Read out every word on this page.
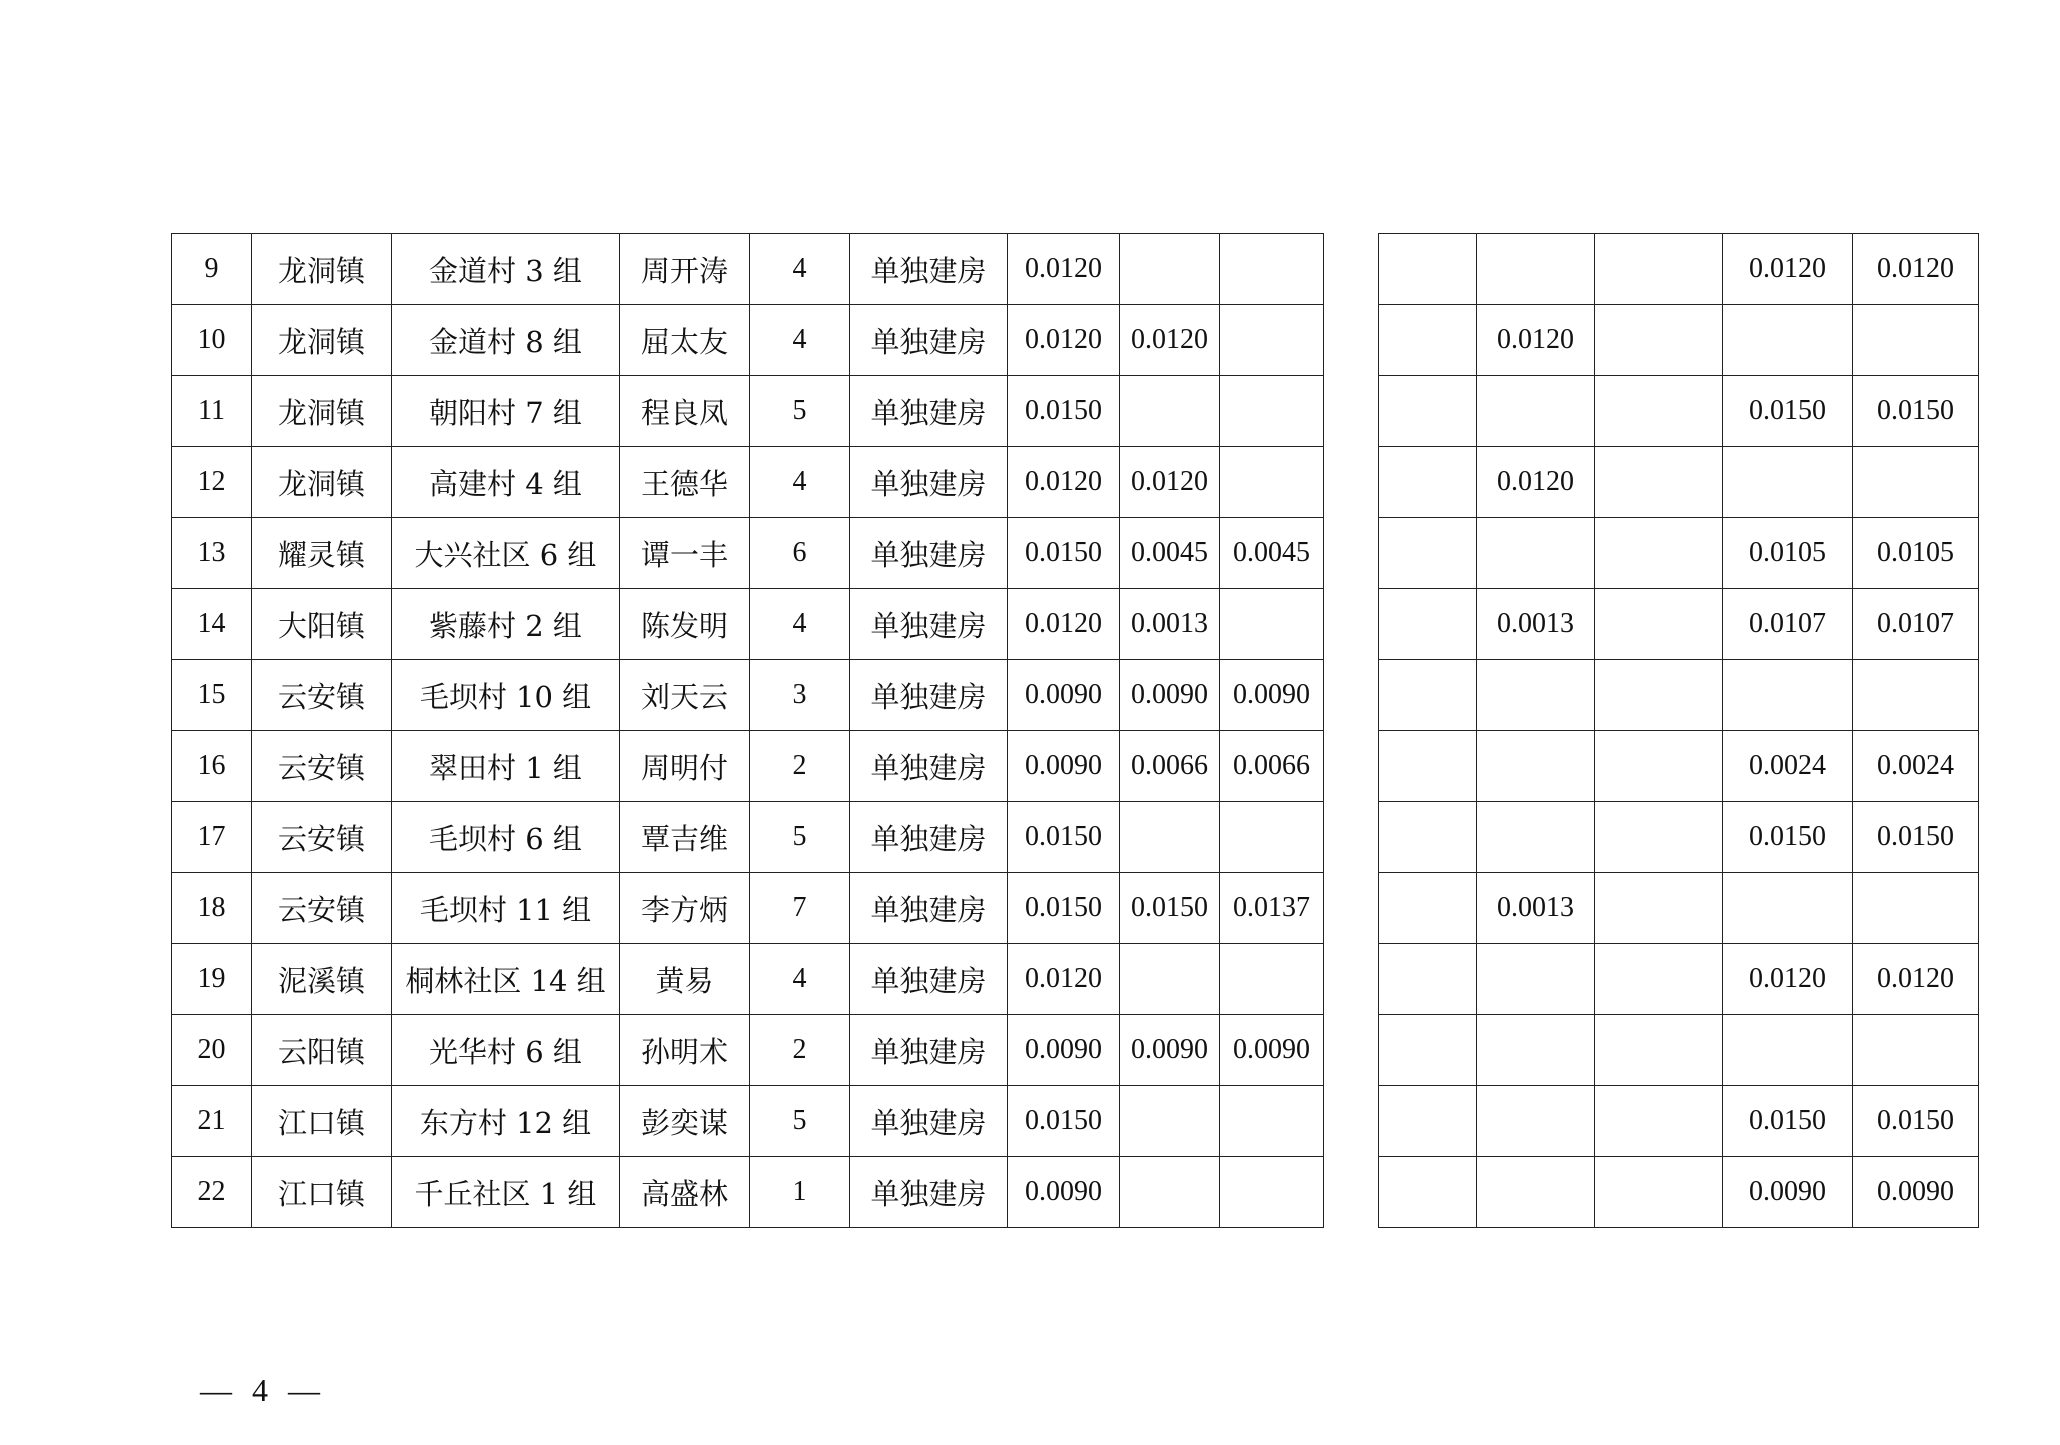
9	龙洞镇	金道村 3 组	周开涛	4	单独建房	0.0120							0.0120	0.0120
10	龙洞镇	金道村 8 组	屈太友	4	单独建房	0.0120	0.0120				0.0120			
11	龙洞镇	朝阳村 7 组	程良凤	5	单独建房	0.0150							0.0150	0.0150
12	龙洞镇	高建村 4 组	王德华	4	单独建房	0.0120	0.0120				0.0120			
13	耀灵镇	大兴社区 6 组	谭一丰	6	单独建房	0.0150	0.0045	0.0045					0.0105	0.0105
14	大阳镇	紫藤村 2 组	陈发明	4	单独建房	0.0120	0.0013				0.0013		0.0107	0.0107
15	云安镇	毛坝村 10 组	刘天云	3	单独建房	0.0090	0.0090	0.0090						
16	云安镇	翠田村 1 组	周明付	2	单独建房	0.0090	0.0066	0.0066					0.0024	0.0024
17	云安镇	毛坝村 6 组	覃吉维	5	单独建房	0.0150							0.0150	0.0150
18	云安镇	毛坝村 11 组	李方炳	7	单独建房	0.0150	0.0150	0.0137			0.0013			
19	泥溪镇	桐林社区 14 组	黄易	4	单独建房	0.0120							0.0120	0.0120
20	云阳镇	光华村 6 组	孙明术	2	单独建房	0.0090	0.0090	0.0090						
21	江口镇	东方村 12 组	彭奕谋	5	单独建房	0.0150							0.0150	0.0150
22	江口镇	千丘社区 1 组	高盛林	1	单独建房	0.0090							0.0090	0.0090
— 4 —
